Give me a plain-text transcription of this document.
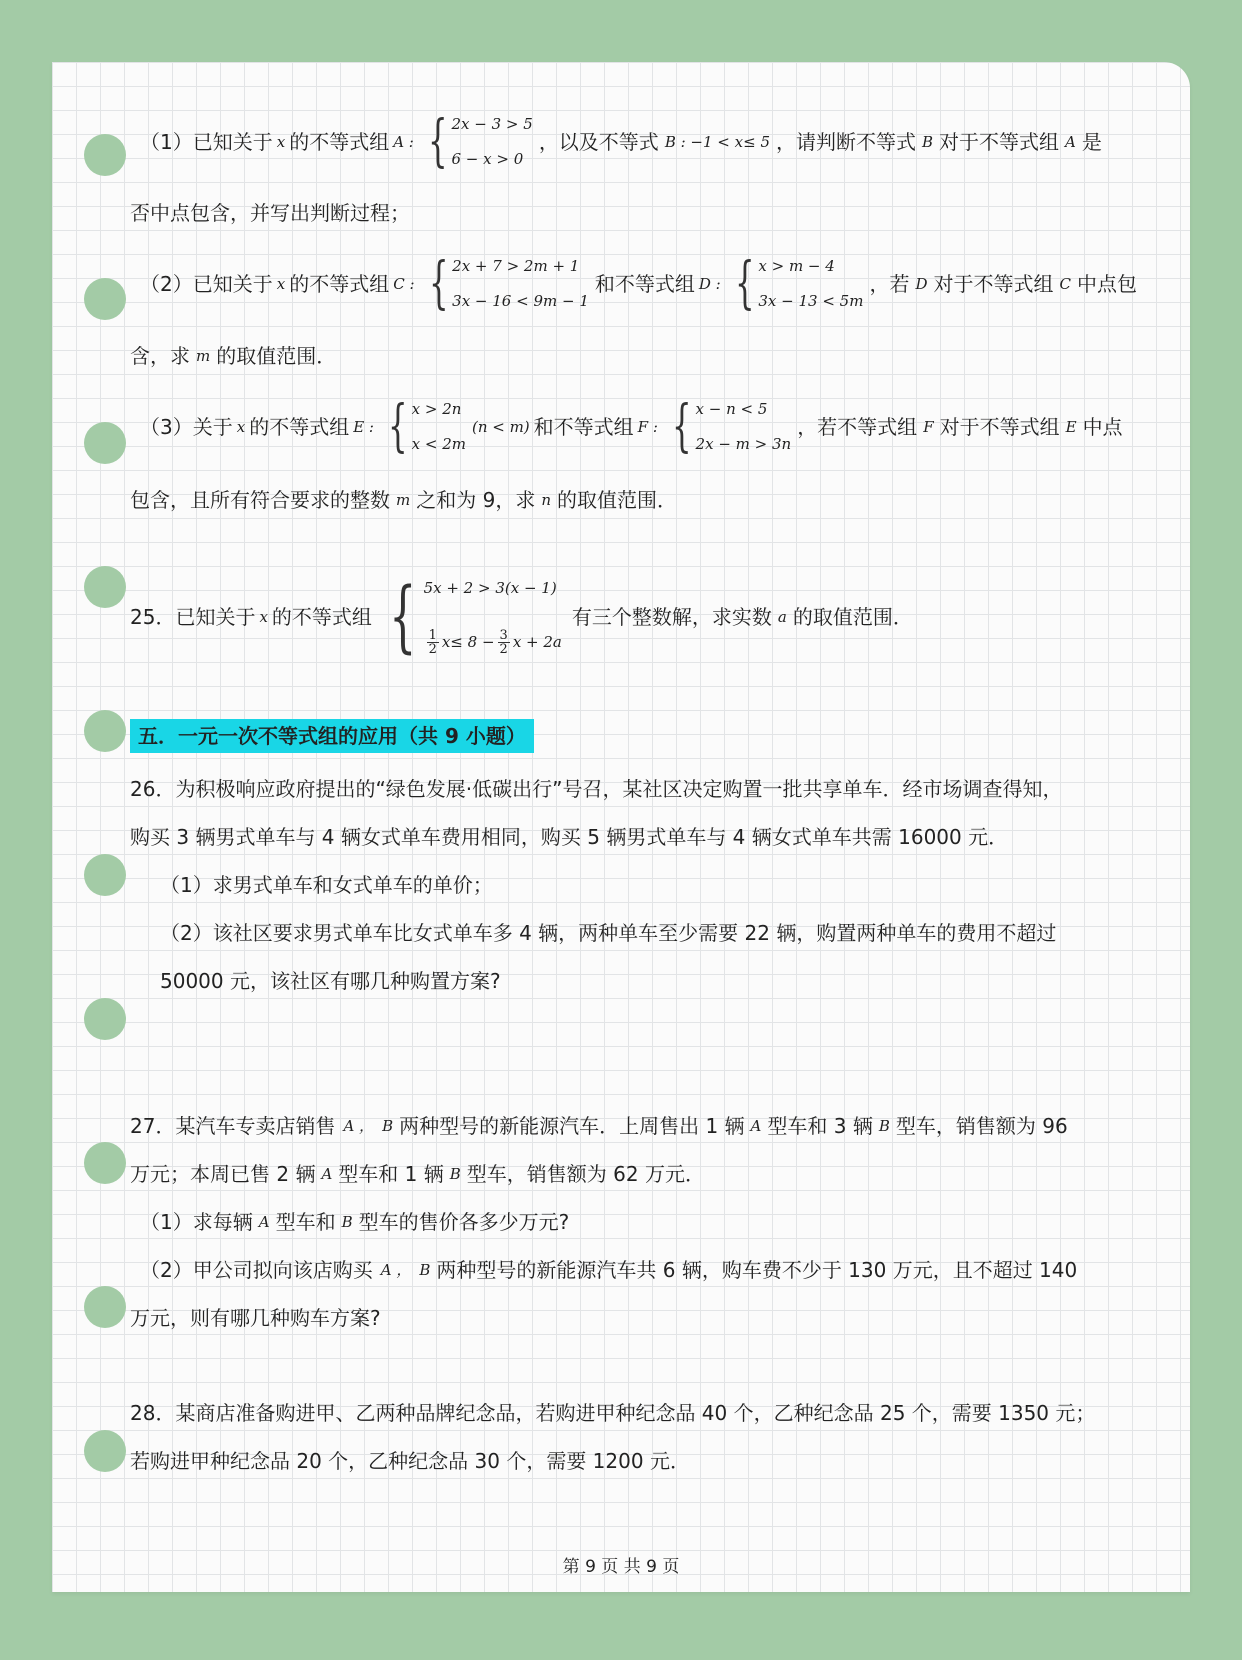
（1）已知关于 x 的不等式组 A : { 2x − 3 > 5
6 − x > 0
，以及不等式 B : −1 < x≤ 5 ，请判断不等式 B 对于不等式组 A 是
否中点包含，并写出判断过程；
（2）已知关于 x 的不等式组 C : { 2x + 7 > 2m + 1
3x − 16 < 9m − 1
和不等式组 D : { x > m − 4
3x − 13 < 5m
，若 D 对于不等式组 C 中点包
含，求 m 的取值范围．
（3）关于 x 的不等式组 E : { x > 2n
x < 2m
(n < m) 和不等式组 F : { x − n < 5
2x − m > 3n
，若不等式组 F 对于不等式组 E 中点
包含，且所有符合要求的整数 m 之和为 9，求 n 的取值范围．
25．已知关于 x 的不等式组 { 5x + 2 > 3(x − 1)
$\frac{1}{2} x\le 8 - \frac{3}{2}$ x + 2a
有三个整数解，求实数 a 的取值范围．
五．一元一次不等式组的应用（共 9 小题）
26．为积极响应政府提出的“绿色发展·低碳出行”号召，某社区决定购置一批共享单车．经市场调查得知，
购买 3 辆男式单车与 4 辆女式单车费用相同，购买 5 辆男式单车与 4 辆女式单车共需 16000 元．
（1）求男式单车和女式单车的单价；
（2）该社区要求男式单车比女式单车多 4 辆，两种单车至少需要 22 辆，购置两种单车的费用不超过
50000 元，该社区有哪几种购置方案?
27．某汽车专卖店销售 A ， B 两种型号的新能源汽车．上周售出 1 辆 A 型车和 3 辆 B 型车，销售额为 96
万元；本周已售 2 辆 A 型车和 1 辆 B 型车，销售额为 62 万元．
（1）求每辆 A 型车和 B 型车的售价各多少万元?
（2）甲公司拟向该店购买 A ， B 两种型号的新能源汽车共 6 辆，购车费不少于 130 万元，且不超过 140
万元，则有哪几种购车方案?
28．某商店准备购进甲、乙两种品牌纪念品，若购进甲种纪念品 40 个，乙种纪念品 25 个，需要 1350 元；
若购进甲种纪念品 20 个，乙种纪念品 30 个，需要 1200 元．
第 9 页 共 9 页
